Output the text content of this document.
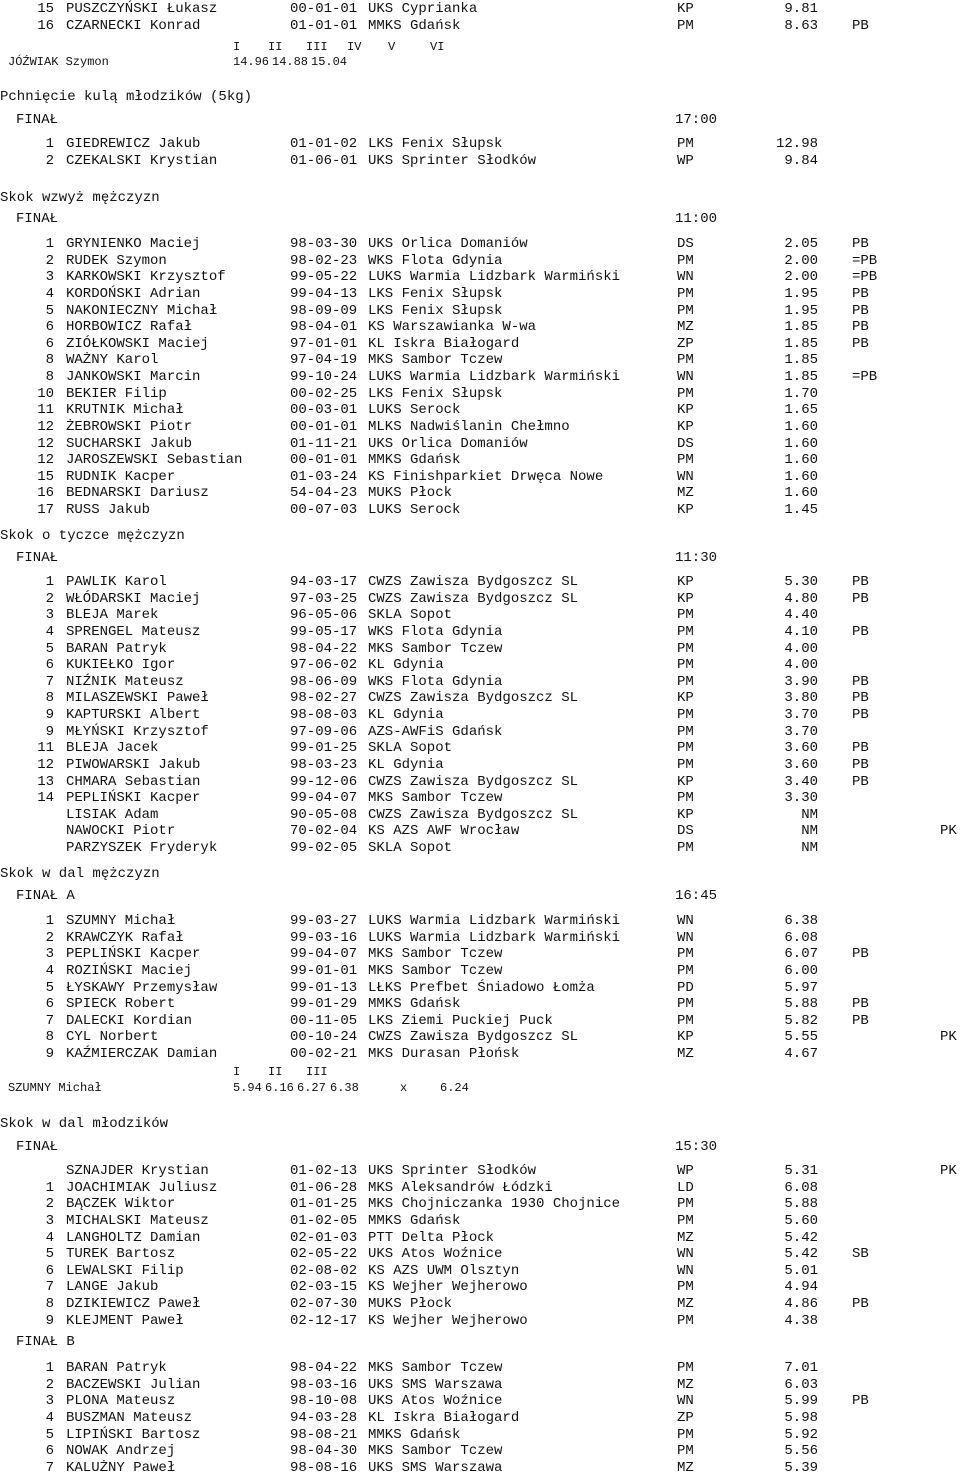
15 PUSZCZYŃSKI Łukasz	00-01-01 UKS Cyprianka	KP	9.81
16 CZARNECKI Konrad	01-01-01 MMKS Gdańsk	PM	8.63 PB
I II III IV V	VI
JÓŹWIAK Szymon	14.96 14.88 15.04
Pchnięcie kulą młodzików (5kg)
FINAŁ	17:00
1 GIEDREWICZ Jakub	01-01-02 LKS Fenix Słupsk	PM	12.98
2 CZEKALSKI Krystian	01-06-01 UKS Sprinter Słodków	WP	9.84
Skok wzwyż mężczyzn
FINAŁ	11:00
1 GRYNIENKO Maciej	98-03-30 UKS Orlica Domaniów	DS	2.05 PB
2 RUDEK Szymon	98-02-23 WKS Flota Gdynia	PM	2.00 =PB
3 KARKOWSKI Krzysztof	99-05-22 LUKS Warmia Lidzbark Warmiński	WN	2.00 =PB
4 KORDOŃSKI Adrian	99-04-13 LKS Fenix Słupsk	PM	1.95 PB
5 NAKONIECZNY Michał	98-09-09 LKS Fenix Słupsk	PM	1.95 PB
6 HORBOWICZ Rafał	98-04-01 KS Warszawianka W-wa	MZ	1.85 PB
6 ZIÓŁKOWSKI Maciej	97-01-01 KL Iskra Białogard	ZP	1.85 PB
8 WAŻNY Karol	97-04-19 MKS Sambor Tczew	PM	1.85
8 JANKOWSKI Marcin	99-10-24 LUKS Warmia Lidzbark Warmiński	WN	1.85 =PB
10 BEKIER Filip	00-02-25 LKS Fenix Słupsk	PM	1.70
11 KRUTNIK Michał	00-03-01 LUKS Serock	KP	1.65
12 ŻEBROWSKI Piotr	00-01-01 MLKS Nadwiślanin Chełmno	KP	1.60
12 SUCHARSKI Jakub	01-11-21 UKS Orlica Domaniów	DS	1.60
12 JAROSZEWSKI Sebastian	00-01-01 MMKS Gdańsk	PM	1.60
15 RUDNIK Kacper	01-03-24 KS Finishparkiet Drwęca Nowe	WN	1.60
16 BEDNARSKI Dariusz	54-04-23 MUKS Płock	MZ	1.60
17 RUSS Jakub	00-07-03 LUKS Serock	KP	1.45
Skok o tyczce mężczyzn
FINAŁ	11:30
1 PAWLIK Karol	94-03-17 CWZS Zawisza Bydgoszcz SL	KP	5.30 PB
2 WŁÓDARSKI Maciej	97-03-25 CWZS Zawisza Bydgoszcz SL	KP	4.80 PB
3 BLEJA Marek	96-05-06 SKLA Sopot	PM	4.40
4 SPRENGEL Mateusz	99-05-17 WKS Flota Gdynia	PM	4.10 PB
5 BARAN Patryk	98-04-22 MKS Sambor Tczew	PM	4.00
6 KUKIEŁKO Igor	97-06-02 KL Gdynia	PM	4.00
7 NIŹNIK Mateusz	98-06-09 WKS Flota Gdynia	PM	3.90 PB
8 MILASZEWSKI Paweł	98-02-27 CWZS Zawisza Bydgoszcz SL	KP	3.80 PB
9 KAPTURSKI Albert	98-08-03 KL Gdynia	PM	3.70 PB
9 MŁYŃSKI Krzysztof	97-09-06 AZS-AWFiS Gdańsk	PM	3.70
11 BLEJA Jacek	99-01-25 SKLA Sopot	PM	3.60 PB
12 PIWOWARSKI Jakub	98-03-23 KL Gdynia	PM	3.60 PB
13 CHMARA Sebastian	99-12-06 CWZS Zawisza Bydgoszcz SL	KP	3.40 PB
14 PEPLIŃSKI Kacper	99-04-07 MKS Sambor Tczew	PM	3.30
LISIAK Adam	90-05-08 CWZS Zawisza Bydgoszcz SL	KP	NM
NAWOCKI Piotr	70-02-04 KS AZS AWF Wrocław	DS	NM	PK
PARZYSZEK Fryderyk	99-02-05 SKLA Sopot	PM	NM
Skok w dal mężczyzn
FINAŁ A	16:45
1 SZUMNY Michał	99-03-27 LUKS Warmia Lidzbark Warmiński	WN	6.38
2 KRAWCZYK Rafał	99-03-16 LUKS Warmia Lidzbark Warmiński	WN	6.08
3 PEPLIŃSKI Kacper	99-04-07 MKS Sambor Tczew	PM	6.07 PB
4 ROZIŃSKI Maciej	99-01-01 MKS Sambor Tczew	PM	6.00
5 ŁYSKAWY Przemysław	99-01-13 LŁKS Prefbet Śniadowo Łomża	PD	5.97
6 SPIECK Robert	99-01-29 MMKS Gdańsk	PM	5.88 PB
7 DALECKI Kordian	00-11-05 LKS Ziemi Puckiej Puck	PM	5.82 PB
8 CYL Norbert	00-10-24 CWZS Zawisza Bydgoszcz SL	KP	5.55	PK
9 KAŹMIERCZAK Damian	00-02-21 MKS Durasan Płońsk	MZ	4.67
Skok w dal młodzików
FINAŁ	15:30
SZNAJDER Krystian	01-02-13 UKS Sprinter Słodków	WP	5.31	PK
1 JOACHIMIAK Juliusz	01-06-28 MKS Aleksandrów Łódzki	LD	6.08
2 BĄCZEK Wiktor	01-01-25 MKS Chojniczanka 1930 Chojnice	PM	5.88
3 MICHALSKI Mateusz	01-02-05 MMKS Gdańsk	PM	5.60
4 LANGHOLTZ Damian	02-01-03 PTT Delta Płock	MZ	5.42
5 TUREK Bartosz	02-05-22 UKS Atos Woźnice	WN	5.42 SB
6 LEWALSKI Filip	02-08-02 KS AZS UWM Olsztyn	WN	5.01
7 LANGE Jakub	02-03-15 KS Wejher Wejherowo	PM	4.94
8 DZIKIEWICZ Paweł	02-07-30 MUKS Płock	MZ	4.86 PB
9 KLEJMENT Paweł	02-12-17 KS Wejher Wejherowo	PM	4.38
FINAŁ B
1 BARAN Patryk	98-04-22 MKS Sambor Tczew	PM	7.01
2 BACZEWSKI Julian	98-03-16 UKS SMS Warszawa	MZ	6.03
3 PLONA Mateusz	98-10-08 UKS Atos Woźnice	WN	5.99 PB
4 BUSZMAN Mateusz	94-03-28 KL Iskra Białogard	ZP	5.98
5 LIPIŃSKI Bartosz	98-08-21 MMKS Gdańsk	PM	5.92
6 NOWAK Andrzej	98-04-30 MKS Sambor Tczew	PM	5.56
7 KALUŻNY Paweł	98-08-16 UKS SMS Warszawa	MZ	5.39
I II III
SZUMNY Michał	5.94 6.16 6.27 6.38	x	6.24
